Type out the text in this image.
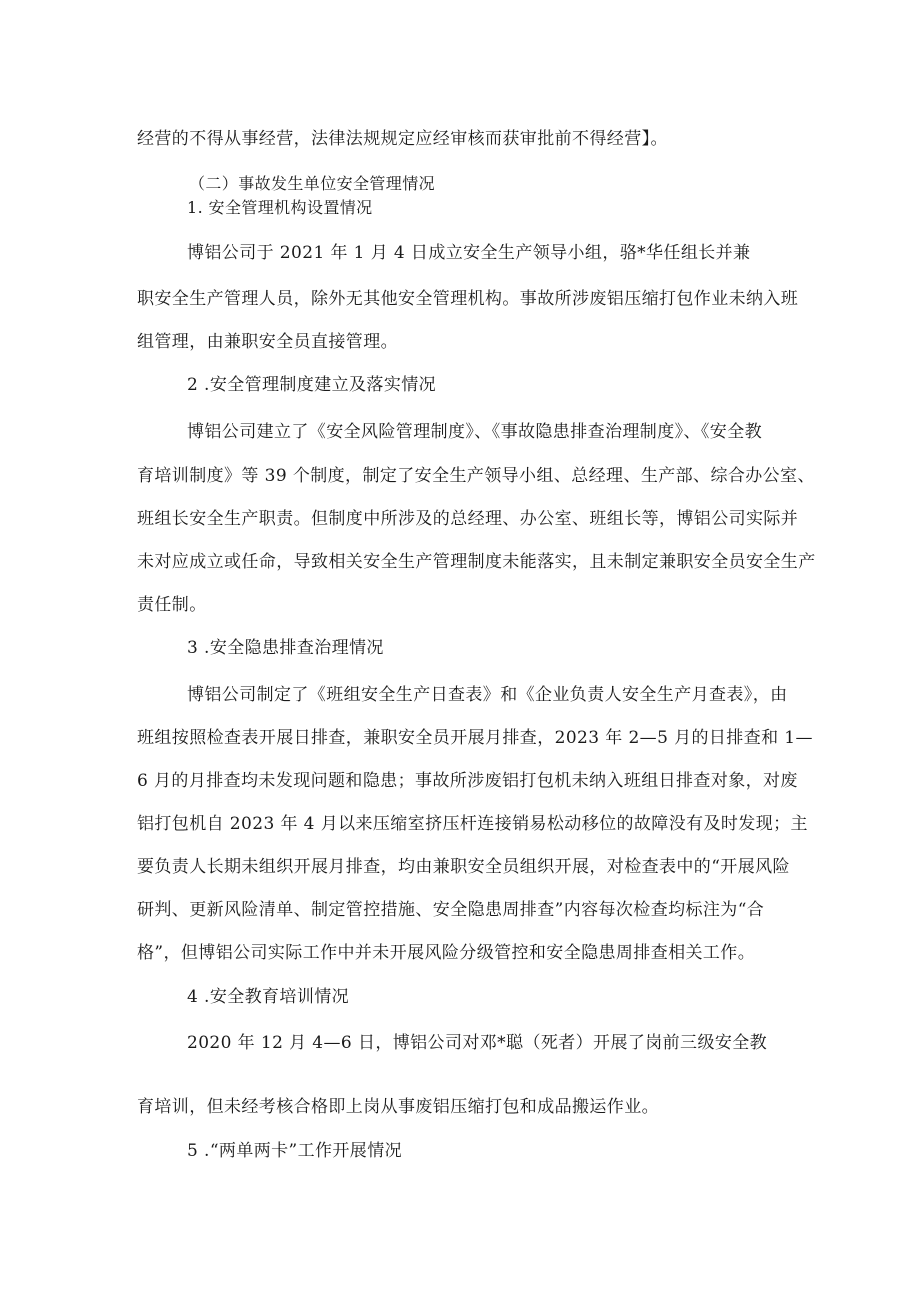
经营的不得从事经营，法律法规规定应经审核而获审批前不得经营】。
（二）事故发生单位安全管理情况
1. 安全管理机构设置情况
博铝公司于 2021 年 1 月 4 日成立安全生产领导小组，骆*华任组长并兼
职安全生产管理人员，除外无其他安全管理机构。事故所涉废铝压缩打包作业未纳入班
组管理，由兼职安全员直接管理。
2 .安全管理制度建立及落实情况
博铝公司建立了《安全风险管理制度》、《事故隐患排查治理制度》、《安全教
育培训制度》等 39 个制度，制定了安全生产领导小组、总经理、生产部、综合办公室、
班组长安全生产职责。但制度中所涉及的总经理、办公室、班组长等，博铝公司实际并
未对应成立或任命，导致相关安全生产管理制度未能落实，且未制定兼职安全员安全生产
责任制。
3 .安全隐患排查治理情况
博铝公司制定了《班组安全生产日查表》和《企业负责人安全生产月查表》，由
班组按照检查表开展日排查，兼职安全员开展月排查，2023 年 2—5 月的日排查和 1—
6 月的月排查均未发现问题和隐患；事故所涉废铝打包机未纳入班组日排查对象，对废
铝打包机自 2023 年 4 月以来压缩室挤压杆连接销易松动移位的故障没有及时发现；主
要负责人长期未组织开展月排查，均由兼职安全员组织开展，对检查表中的“开展风险
研判、更新风险清单、制定管控措施、安全隐患周排查”内容每次检查均标注为“合
格”，但博铝公司实际工作中并未开展风险分级管控和安全隐患周排查相关工作。
4 .安全教育培训情况
2020 年 12 月 4—6 日，博铝公司对邓*聪（死者）开展了岗前三级安全教
育培训，但未经考核合格即上岗从事废铝压缩打包和成品搬运作业。
5 .“两单两卡”工作开展情况
